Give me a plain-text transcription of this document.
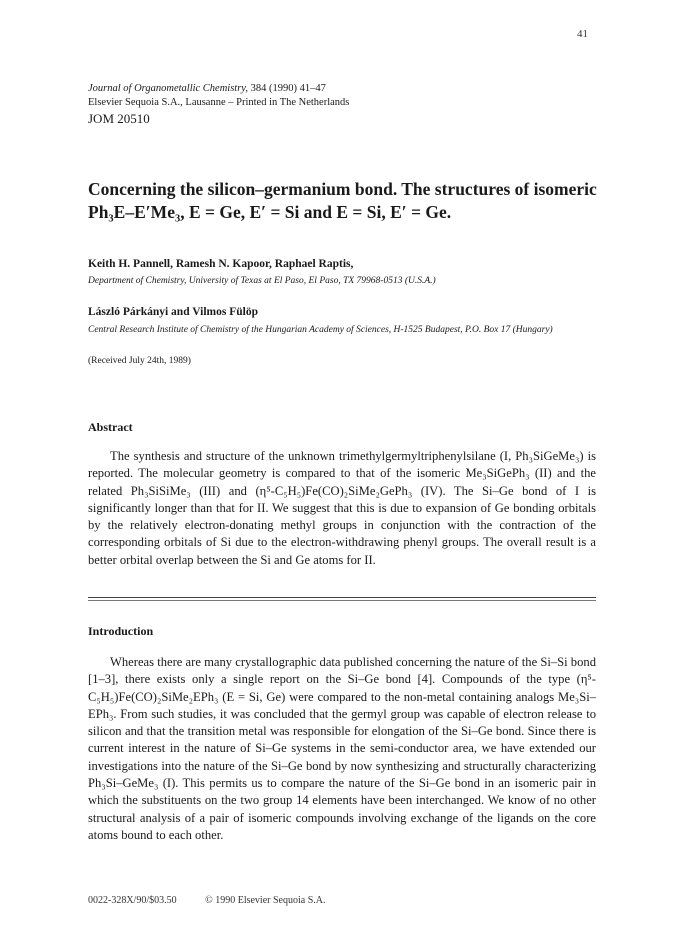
41
Journal of Organometallic Chemistry, 384 (1990) 41–47
Elsevier Sequoia S.A., Lausanne – Printed in The Netherlands
JOM 20510
Concerning the silicon–germanium bond. The structures of isomeric Ph₃E–E′Me₃, E = Ge, E′ = Si and E = Si, E′ = Ge.
Keith H. Pannell, Ramesh N. Kapoor, Raphael Raptis,
Department of Chemistry, University of Texas at El Paso, El Paso, TX 79968-0513 (U.S.A.)
László Párkányi and Vilmos Fülöp
Central Research Institute of Chemistry of the Hungarian Academy of Sciences, H-1525 Budapest, P.O. Box 17 (Hungary)
(Received July 24th, 1989)
Abstract

The synthesis and structure of the unknown trimethylgermyltriphenylsilane (I, Ph₃SiGeMe₃) is reported. The molecular geometry is compared to that of the isomeric Me₃SiGePh₃ (II) and the related Ph₃SiSiMe₃ (III) and (η⁵-C₅H₅)Fe(CO)₂SiMe₂GePh₃ (IV). The Si–Ge bond of I is significantly longer than that for II. We suggest that this is due to expansion of Ge bonding orbitals by the relatively electron-donating methyl groups in conjunction with the contraction of the corresponding orbitals of Si due to the electron-withdrawing phenyl groups. The overall result is a better orbital overlap between the Si and Ge atoms for II.

Introduction

Whereas there are many crystallographic data published concerning the nature of the Si–Si bond [1–3], there exists only a single report on the Si–Ge bond [4]. Compounds of the type (η⁵-C₅H₅)Fe(CO)₂SiMe₂EPh₃ (E = Si, Ge) were compared to the non-metal containing analogs Me₃Si–EPh₃. From such studies, it was concluded that the germyl group was capable of electron release to silicon and that the transition metal was responsible for elongation of the Si–Ge bond. Since there is current interest in the nature of Si–Ge systems in the semi-conductor area, we have extended our investigations into the nature of the Si–Ge bond by now synthesizing and structurally characterizing Ph₃Si–GeMe₃ (I). This permits us to compare the nature of the Si–Ge bond in an isomeric pair in which the substituents on the two group 14 elements have been interchanged. We know of no other structural analysis of a pair of isomeric compounds involving exchange of the ligands on the core atoms bound to each other.

0022-328X/90/$03.50	© 1990 Elsevier Sequoia S.A.
